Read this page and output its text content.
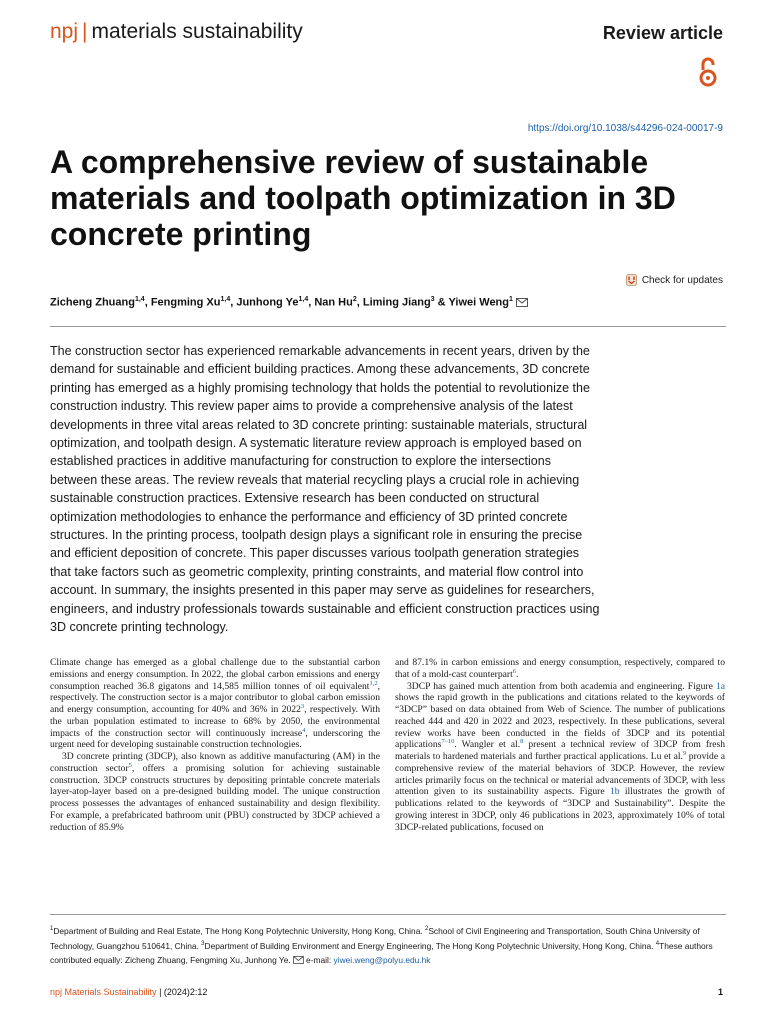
npj | materials sustainability	Review article
https://doi.org/10.1038/s44296-024-00017-9
A comprehensive review of sustainable materials and toolpath optimization in 3D concrete printing
Check for updates
Zicheng Zhuang$^{1,4}$, Fengming Xu$^{1,4}$, Junhong Ye$^{1,4}$, Nan Hu$^2$, Liming Jiang$^3$ & Yiwei Weng$^1$
The construction sector has experienced remarkable advancements in recent years, driven by the demand for sustainable and efficient building practices. Among these advancements, 3D concrete printing has emerged as a highly promising technology that holds the potential to revolutionize the construction industry. This review paper aims to provide a comprehensive analysis of the latest developments in three vital areas related to 3D concrete printing: sustainable materials, structural optimization, and toolpath design. A systematic literature review approach is employed based on established practices in additive manufacturing for construction to explore the intersections between these areas. The review reveals that material recycling plays a crucial role in achieving sustainable construction practices. Extensive research has been conducted on structural optimization methodologies to enhance the performance and efficiency of 3D printed concrete structures. In the printing process, toolpath design plays a significant role in ensuring the precise and efficient deposition of concrete. This paper discusses various toolpath generation strategies that take factors such as geometric complexity, printing constraints, and material flow control into account. In summary, the insights presented in this paper may serve as guidelines for researchers, engineers, and industry professionals towards sustainable and efficient construction practices using 3D concrete printing technology.

Climate change has emerged as a global challenge due to the substantial carbon emissions and energy consumption. In 2022, the global carbon emissions and energy consumption reached 36.8 gigatons and 14,585 million tonnes of oil equivalent$^{1,2}$, respectively. The construction sector is a major contributor to global carbon emission and energy consumption, accounting for 40% and 36% in 2022$^3$, respectively. With the urban population estimated to increase to 68% by 2050, the environmental impacts of the construction sector will continuously increase$^4$, underscoring the urgent need for developing sustainable construction technologies.

3D concrete printing (3DCP), also known as additive manufacturing (AM) in the construction sector$^5$, offers a promising solution for achieving sustainable construction. 3DCP constructs structures by depositing printable concrete materials layer-atop-layer based on a pre-designed building model. The unique construction process possesses the advantages of enhanced sustainability and design flexibility. For example, a prefabricated bathroom unit (PBU) constructed by 3DCP achieved a reduction of 85.9%

and 87.1% in carbon emissions and energy consumption, respectively, compared to that of a mold-cast counterpart$^6$.

3DCP has gained much attention from both academia and engineering. Figure 1a shows the rapid growth in the publications and citations related to the keywords of “3DCP” based on data obtained from Web of Science. The number of publications reached 444 and 420 in 2022 and 2023, respectively. In these publications, several review works have been conducted in the fields of 3DCP and its potential applications$^{7-10}$. Wangler et al.$^8$ present a technical review of 3DCP from fresh materials to hardened materials and further practical applications. Lu et al.$^9$ provide a comprehensive review of the material behaviors of 3DCP. However, the review articles primarily focus on the technical or material advancements of 3DCP, with less attention given to its sustainability aspects. Figure 1b illustrates the growth of publications related to the keywords of “3DCP and Sustainability”. Despite the growing interest in 3DCP, only 46 publications in 2023, approximately 10% of total 3DCP-related publications, focused on

$^1$Department of Building and Real Estate, The Hong Kong Polytechnic University, Hong Kong, China. $^2$School of Civil Engineering and Transportation, South China University of Technology, Guangzhou 510641, China. $^3$Department of Building Environment and Energy Engineering, The Hong Kong Polytechnic University, Hong Kong, China. $^4$These authors contributed equally: Zicheng Zhuang, Fengming Xu, Junhong Ye. e-mail: yiwei.weng@polyu.edu.hk
npj Materials Sustainability | (2024)2:12	1
